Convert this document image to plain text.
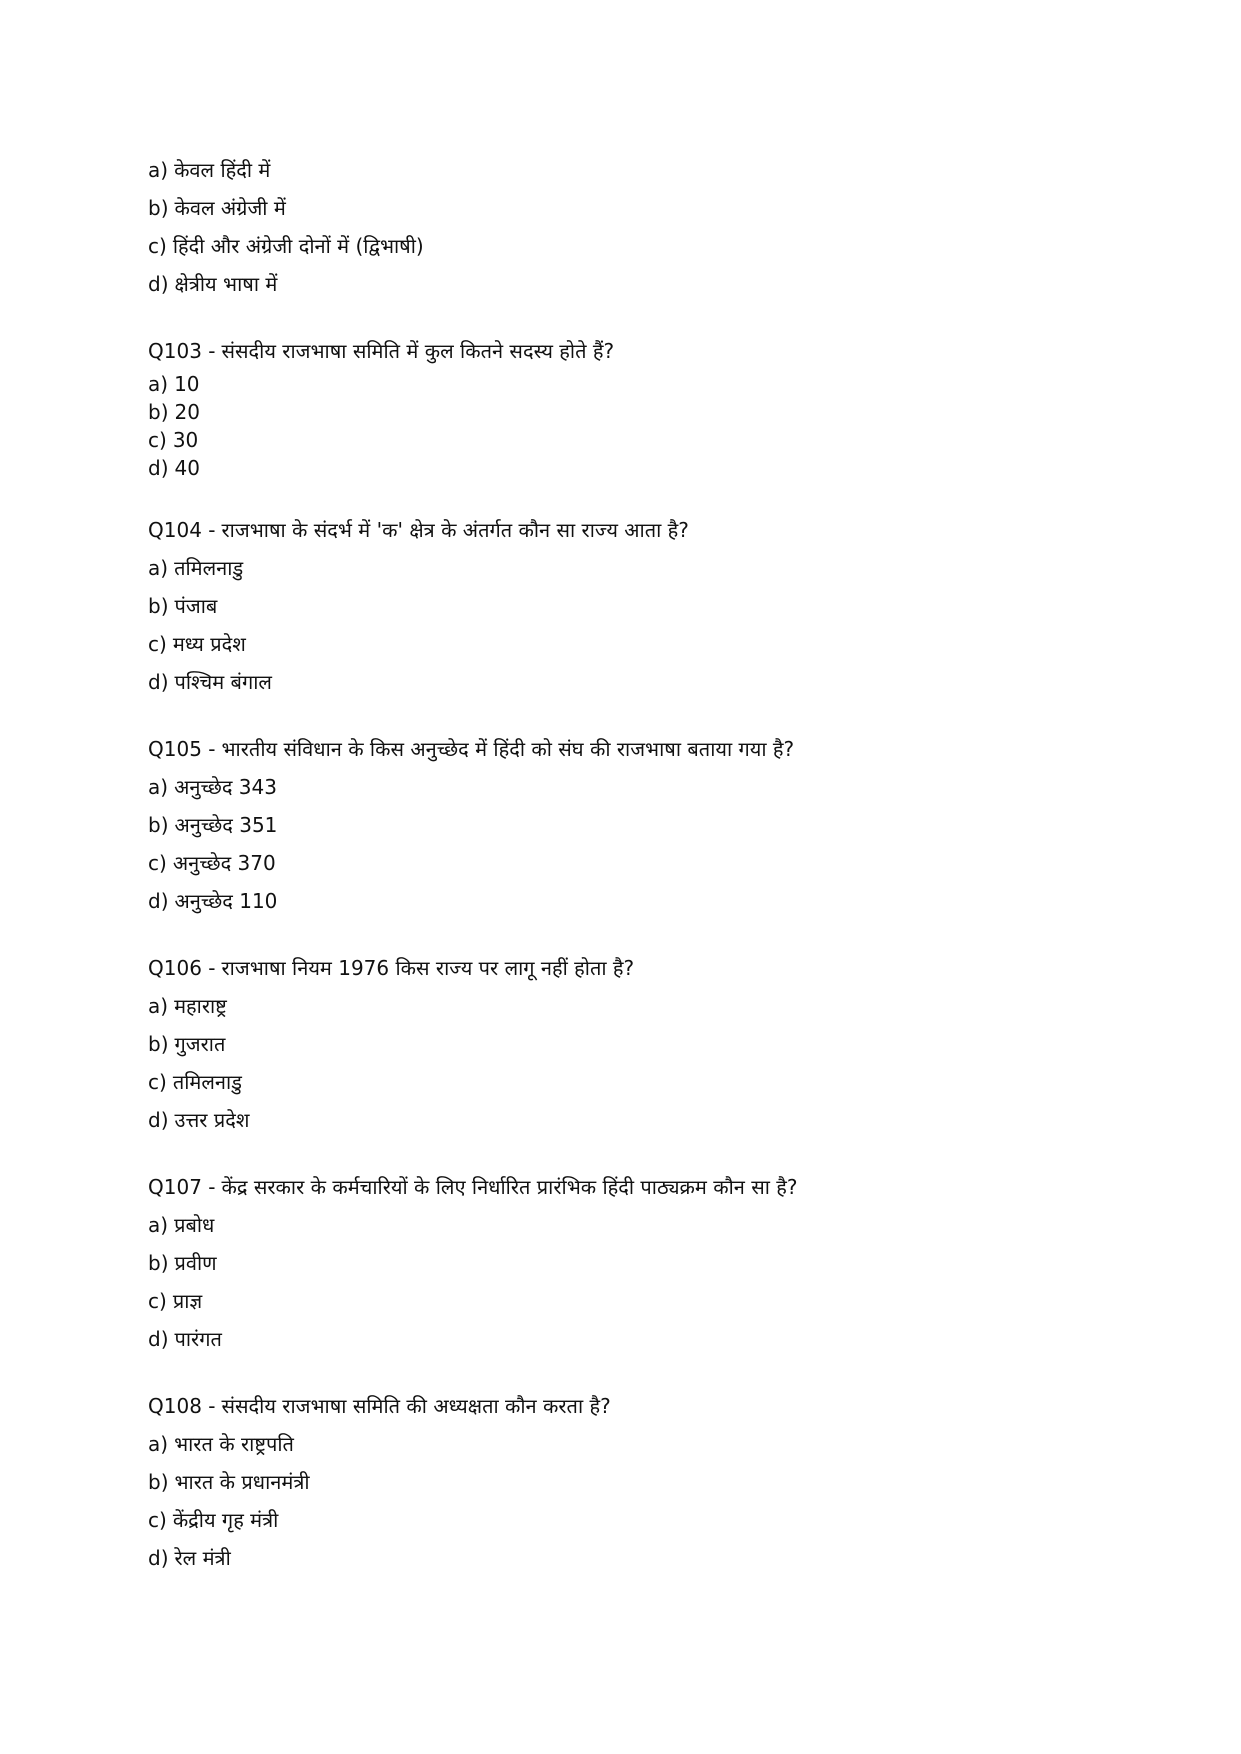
a) केवल हिंदी में
b) केवल अंग्रेजी में
c) हिंदी और अंग्रेजी दोनों में (द्विभाषी)
d) क्षेत्रीय भाषा में
Q103 - संसदीय राजभाषा समिति में कुल कितने सदस्य होते हैं?
a) 10
b) 20
c) 30
d) 40
Q104 - राजभाषा के संदर्भ में 'क' क्षेत्र के अंतर्गत कौन सा राज्य आता है?
a) तमिलनाडु
b) पंजाब
c) मध्य प्रदेश
d) पश्चिम बंगाल
Q105 - भारतीय संविधान के किस अनुच्छेद में हिंदी को संघ की राजभाषा बताया गया है?
a) अनुच्छेद 343
b) अनुच्छेद 351
c) अनुच्छेद 370
d) अनुच्छेद 110
Q106 - राजभाषा नियम 1976 किस राज्य पर लागू नहीं होता है?
a) महाराष्ट्र
b) गुजरात
c) तमिलनाडु
d) उत्तर प्रदेश
Q107 - केंद्र सरकार के कर्मचारियों के लिए निर्धारित प्रारंभिक हिंदी पाठ्यक्रम कौन सा है?
a) प्रबोध
b) प्रवीण
c) प्राज्ञ
d) पारंगत
Q108 - संसदीय राजभाषा समिति की अध्यक्षता कौन करता है?
a) भारत के राष्ट्रपति
b) भारत के प्रधानमंत्री
c) केंद्रीय गृह मंत्री
d) रेल मंत्री
